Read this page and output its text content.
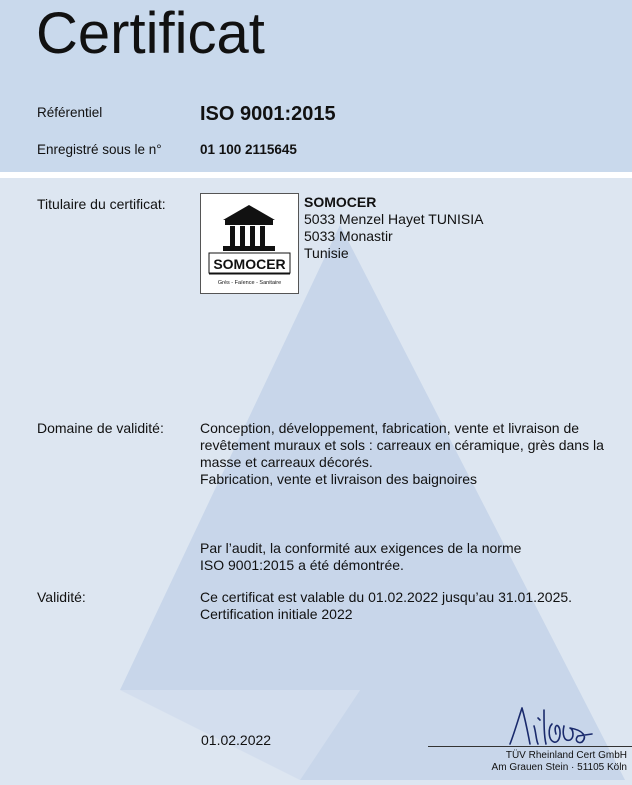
Certificat
Référentiel	ISO 9001:2015
Enregistré sous le n°	01 100 2115645
Titulaire du certificat:
SOMOCER
Grès - Faïence - Sanitaire
SOMOCER
5033 Menzel Hayet TUNISIA
5033 Monastir
Tunisie
Domaine de validité:	Conception, développement, fabrication, vente et livraison de
revêtement muraux et sols : carreaux en céramique, grès dans la
masse et carreaux décorés.
Fabrication, vente et livraison des baignoires
Par l’audit, la conformité aux exigences de la norme
ISO 9001:2015 a été démontrée.
Validité:	Ce certificat est valable du 01.02.2022 jusqu’au 31.01.2025.
Certification initiale 2022
01.02.2022
TÜV Rheinland Cert GmbH
Am Grauen Stein · 51105 Köln
